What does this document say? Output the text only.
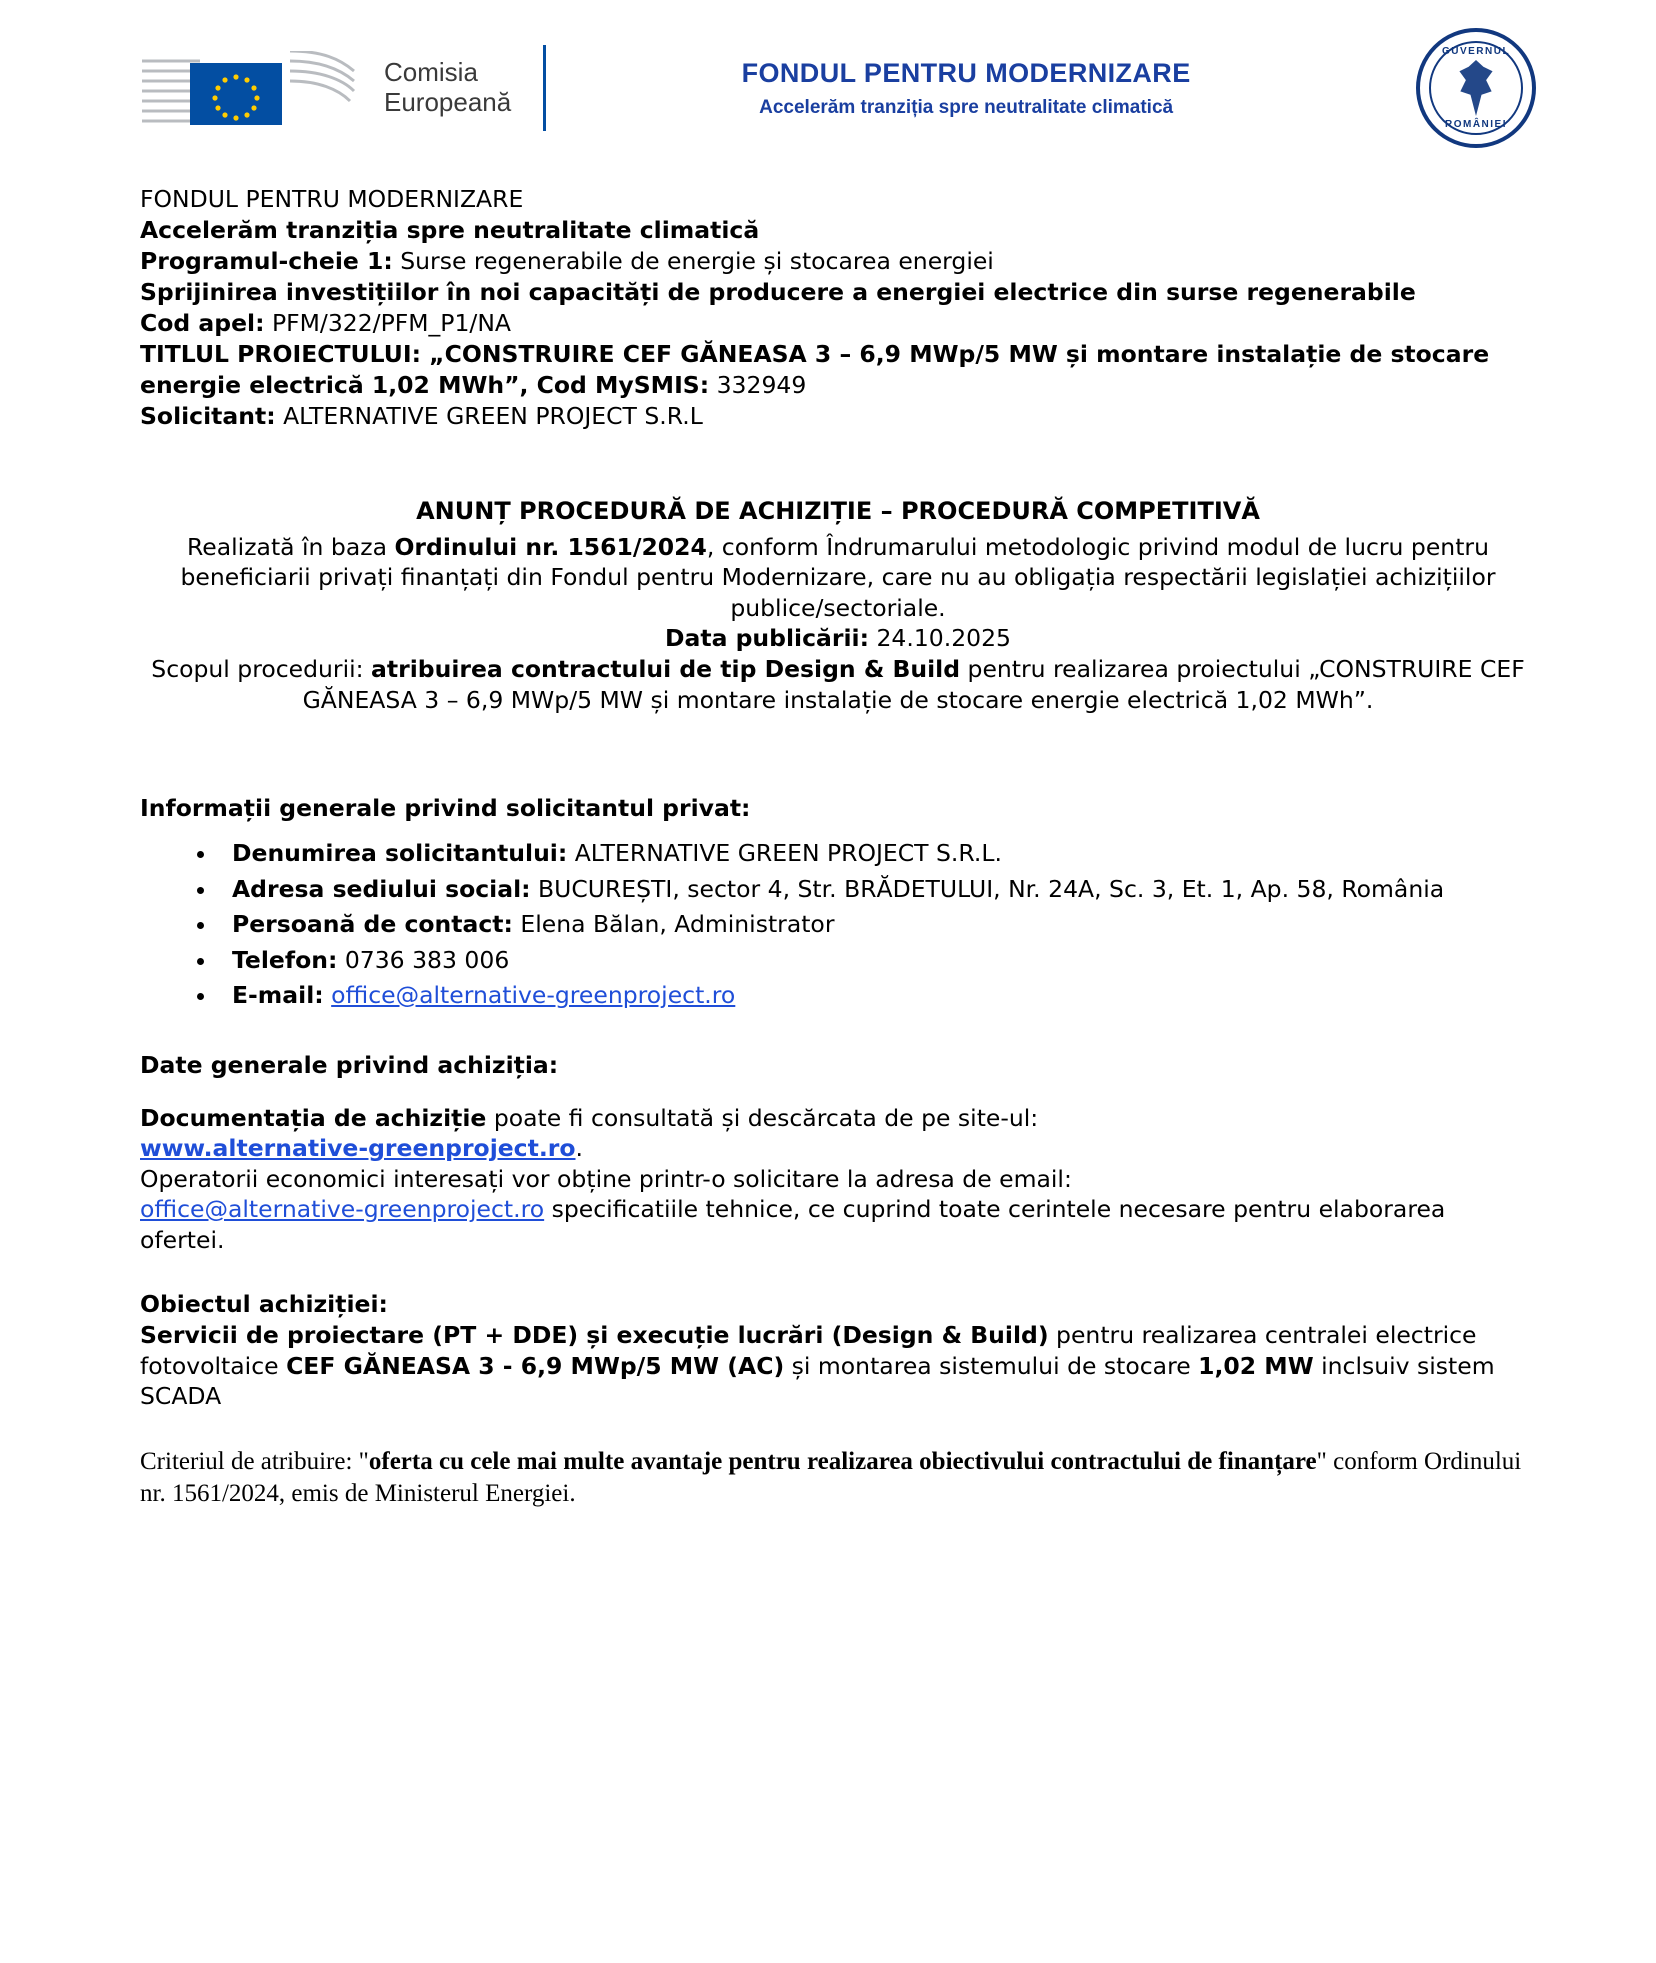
Comisia
Europeană
FONDUL PENTRU MODERNIZARE
Accelerăm tranziția spre neutralitate climatică
GUVERNUL
ROMÂNIEI
FONDUL PENTRU MODERNIZARE
Accelerăm tranziția spre neutralitate climatică
Programul-cheie 1: Surse regenerabile de energie și stocarea energiei
Sprijinirea investițiilor în noi capacități de producere a energiei electrice din surse regenerabile
Cod apel: PFM/322/PFM_P1/NA
TITLUL PROIECTULUI: „CONSTRUIRE CEF GĂNEASA 3 – 6,9 MWp/5 MW și montare instalație de stocare energie electrică 1,02 MWh”, Cod MySMIS: 332949
Solicitant: ALTERNATIVE GREEN PROJECT S.R.L
ANUNȚ PROCEDURĂ DE ACHIZIȚIE – PROCEDURĂ COMPETITIVĂ
Realizată în baza Ordinului nr. 1561/2024, conform Îndrumarului metodologic privind modul de lucru pentru beneficiarii privați finanțați din Fondul pentru Modernizare, care nu au obligația respectării legislației achizițiilor publice/sectoriale.
Data publicării: 24.10.2025
Scopul procedurii: atribuirea contractului de tip Design & Build pentru realizarea proiectului „CONSTRUIRE CEF GĂNEASA 3 – 6,9 MWp/5 MW și montare instalație de stocare energie electrică 1,02 MWh”.
Informații generale privind solicitantul privat:
• Denumirea solicitantului: ALTERNATIVE GREEN PROJECT S.R.L.
• Adresa sediului social: BUCUREȘTI, sector 4, Str. BRĂDETULUI, Nr. 24A, Sc. 3, Et. 1, Ap. 58, România
• Persoană de contact: Elena Bălan, Administrator
• Telefon: 0736 383 006
• E-mail: office@alternative-greenproject.ro
Date generale privind achiziția:
Documentația de achiziție poate fi consultată și descărcata de pe site-ul:
www.alternative-greenproject.ro.
Operatorii economici interesați vor obține printr-o solicitare la adresa de email:
office@alternative-greenproject.ro specificatiile tehnice, ce cuprind toate cerintele necesare pentru elaborarea ofertei.
Obiectul achiziției:
Servicii de proiectare (PT + DDE) și execuție lucrări (Design & Build) pentru realizarea centralei electrice fotovoltaice CEF GĂNEASA 3 - 6,9 MWp/5 MW (AC) și montarea sistemului de stocare 1,02 MW inclsuiv sistem SCADA
Criteriul de atribuire: "oferta cu cele mai multe avantaje pentru realizarea obiectivului contractului de finanțare" conform Ordinului nr. 1561/2024, emis de Ministerul Energiei.
